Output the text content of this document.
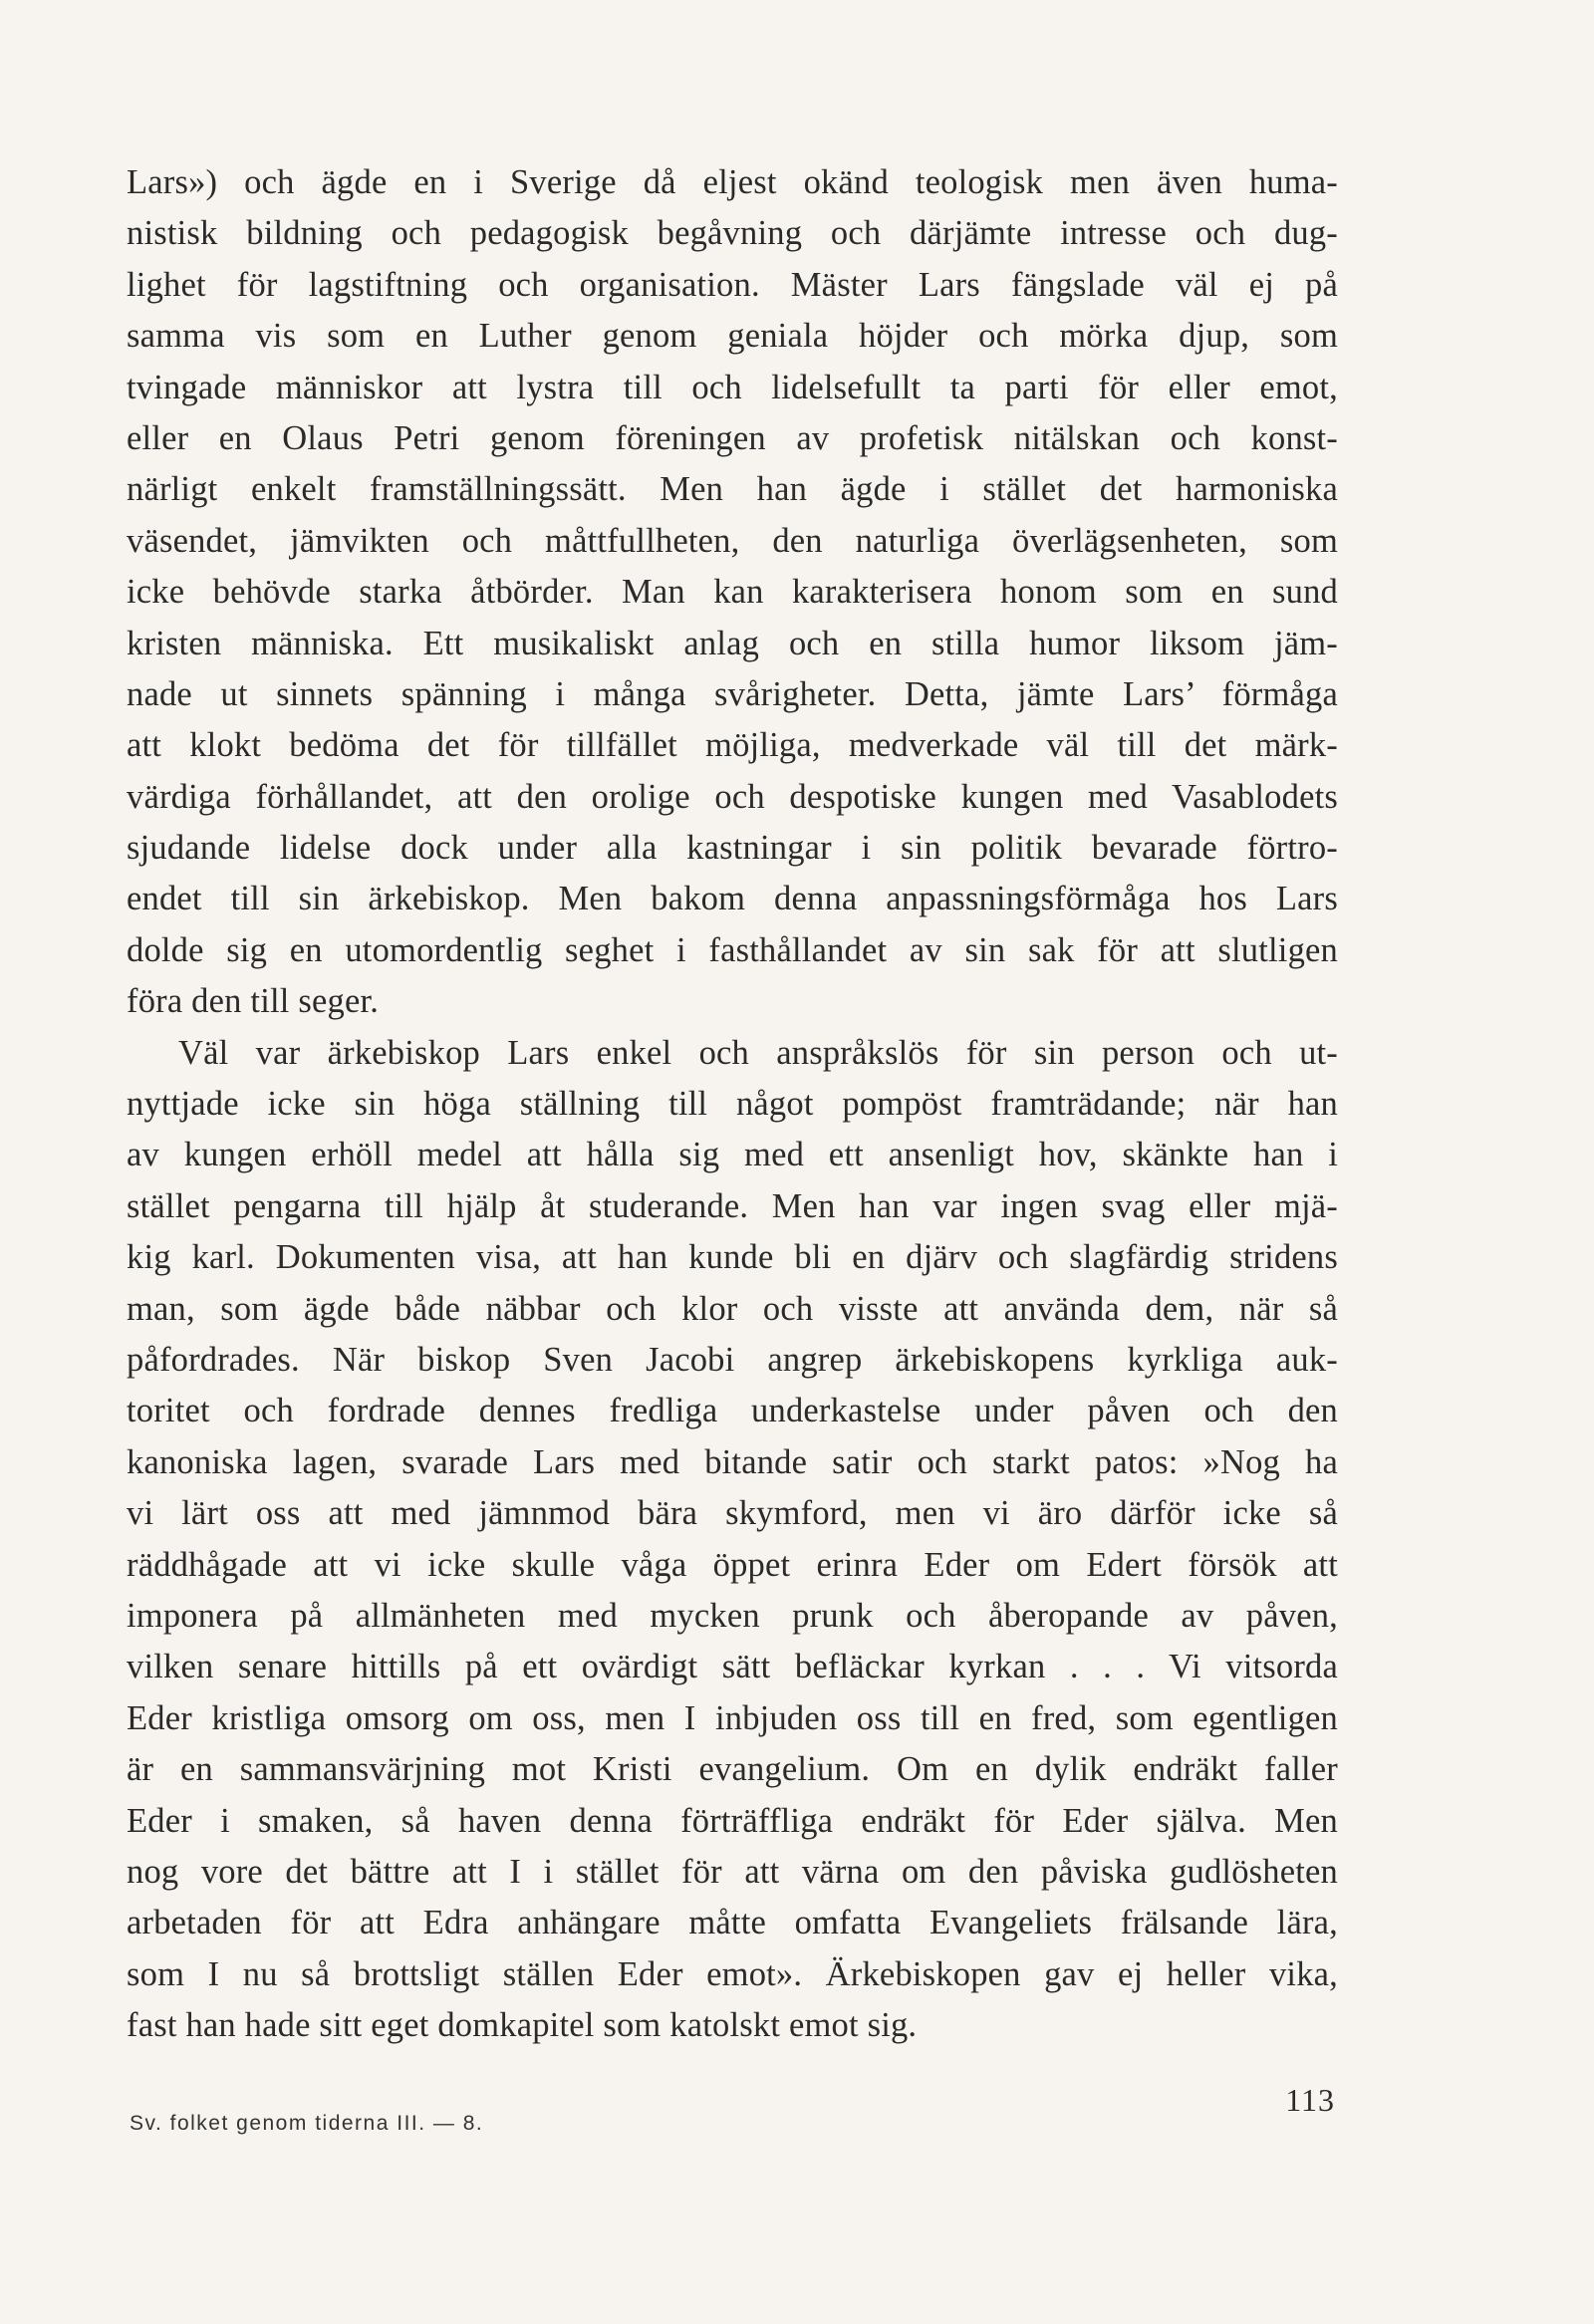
Lars») och ägde en i Sverige då eljest okänd teologisk men även huma-
nistisk bildning och pedagogisk begåvning och därjämte intresse och dug-
lighet för lagstiftning och organisation. Mäster Lars fängslade väl ej på
samma vis som en Luther genom geniala höjder och mörka djup, som
tvingade människor att lystra till och lidelsefullt ta parti för eller emot,
eller en Olaus Petri genom föreningen av profetisk nitälskan och konst-
närligt enkelt framställningssätt. Men han ägde i stället det harmoniska
väsendet, jämvikten och måttfullheten, den naturliga överlägsenheten, som
icke behövde starka åtbörder. Man kan karakterisera honom som en sund
kristen människa. Ett musikaliskt anlag och en stilla humor liksom jäm-
nade ut sinnets spänning i många svårigheter. Detta, jämte Lars’ förmåga
att klokt bedöma det för tillfället möjliga, medverkade väl till det märk-
värdiga förhållandet, att den orolige och despotiske kungen med Vasablodets
sjudande lidelse dock under alla kastningar i sin politik bevarade förtro-
endet till sin ärkebiskop. Men bakom denna anpassningsförmåga hos Lars
dolde sig en utomordentlig seghet i fasthållandet av sin sak för att slutligen
föra den till seger.
Väl var ärkebiskop Lars enkel och anspråkslös för sin person och ut-
nyttjade icke sin höga ställning till något pompöst framträdande; när han
av kungen erhöll medel att hålla sig med ett ansenligt hov, skänkte han i
stället pengarna till hjälp åt studerande. Men han var ingen svag eller mjä-
kig karl. Dokumenten visa, att han kunde bli en djärv och slagfärdig stridens
man, som ägde både näbbar och klor och visste att använda dem, när så
påfordrades. När biskop Sven Jacobi angrep ärkebiskopens kyrkliga auk-
toritet och fordrade dennes fredliga underkastelse under påven och den
kanoniska lagen, svarade Lars med bitande satir och starkt patos: »Nog ha
vi lärt oss att med jämnmod bära skymford, men vi äro därför icke så
räddhågade att vi icke skulle våga öppet erinra Eder om Edert försök att
imponera på allmänheten med mycken prunk och åberopande av påven,
vilken senare hittills på ett ovärdigt sätt befläckar kyrkan . . . Vi vitsorda
Eder kristliga omsorg om oss, men I inbjuden oss till en fred, som egentligen
är en sammansvärjning mot Kristi evangelium. Om en dylik endräkt faller
Eder i smaken, så haven denna förträffliga endräkt för Eder själva. Men
nog vore det bättre att I i stället för att värna om den påviska gudlösheten
arbetaden för att Edra anhängare måtte omfatta Evangeliets frälsande lära,
som I nu så brottsligt ställen Eder emot». Ärkebiskopen gav ej heller vika,
fast han hade sitt eget domkapitel som katolskt emot sig.
113
Sv. folket genom tiderna III. — 8.
